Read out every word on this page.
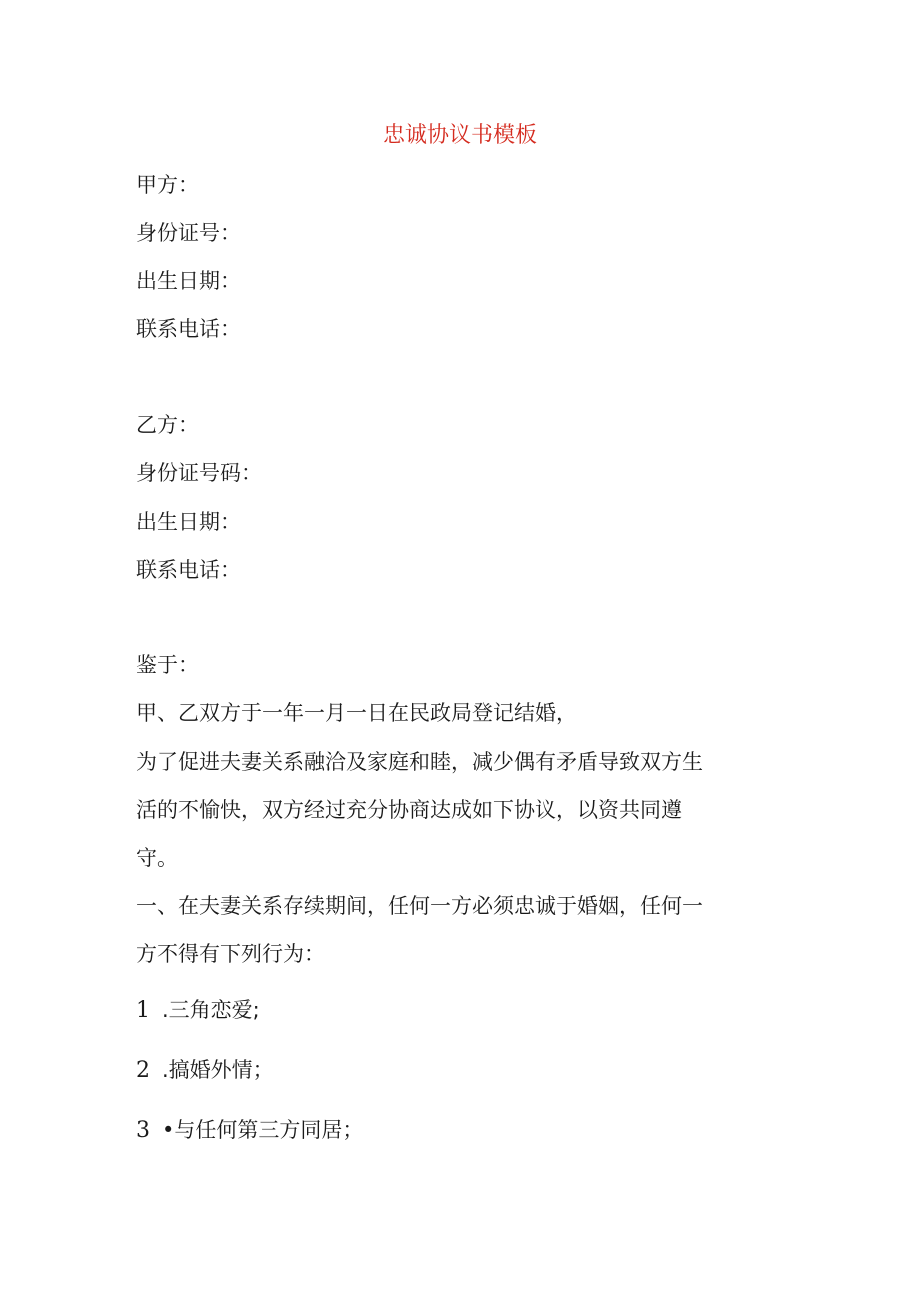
忠诚协议书模板
甲方：
身份证号：
出生日期：
联系电话：
乙方：
身份证号码：
出生日期：
联系电话：
鉴于：
甲、乙双方于一年一月一日在民政局登记结婚，
为了促进夫妻关系融洽及家庭和睦，减少偶有矛盾导致双方生
活的不愉快，双方经过充分协商达成如下协议，以资共同遵
守。
一、在夫妻关系存续期间，任何一方必须忠诚于婚姻，任何一
方不得有下列行为：
1 .三角恋爱;
2 .搞婚外情；
3 •与任何第三方同居；
